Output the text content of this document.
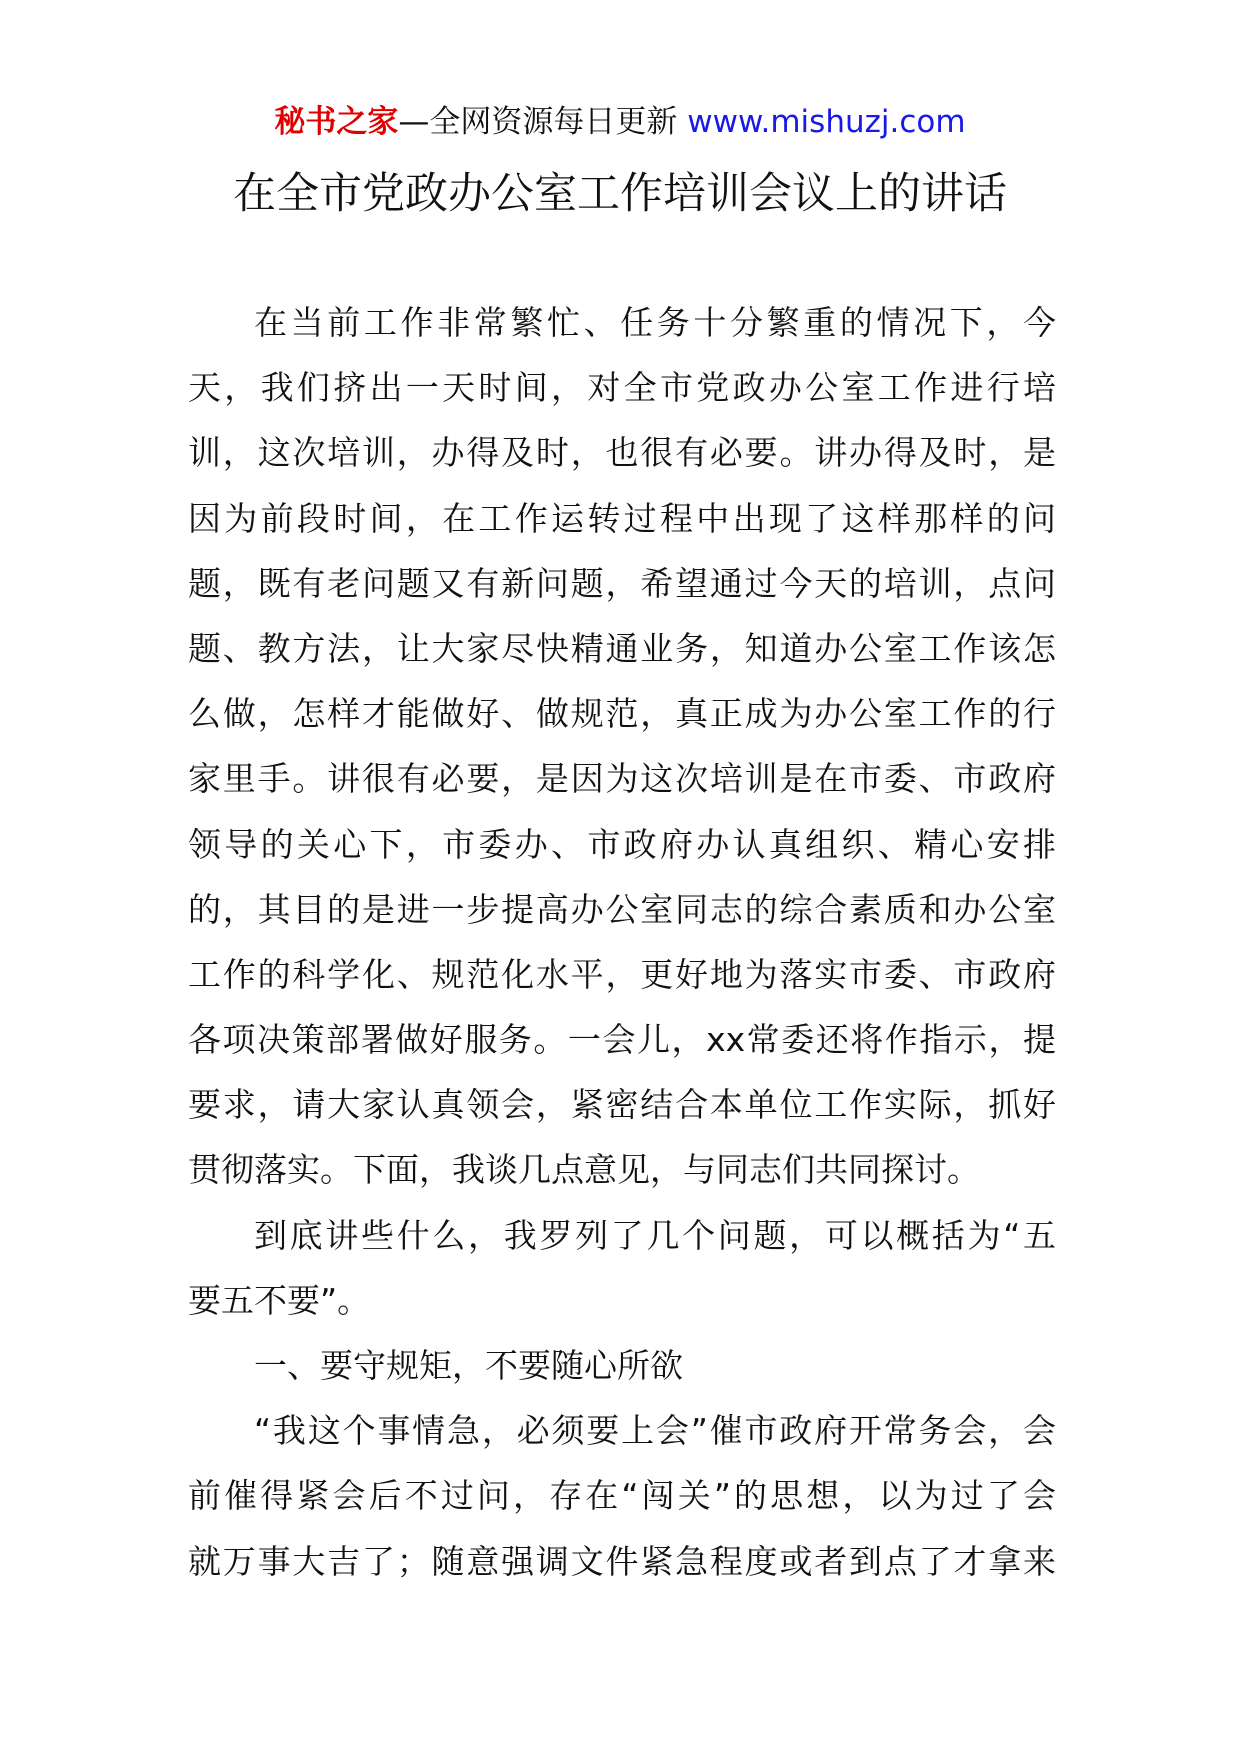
秘书之家—全网资源每日更新 www.mishuzj.com
在全市党政办公室工作培训会议上的讲话
在当前工作非常繁忙、任务十分繁重的情况下，今
天，我们挤出一天时间，对全市党政办公室工作进行培
训，这次培训，办得及时，也很有必要。讲办得及时，是
因为前段时间，在工作运转过程中出现了这样那样的问
题，既有老问题又有新问题，希望通过今天的培训，点问
题、教方法，让大家尽快精通业务，知道办公室工作该怎
么做，怎样才能做好、做规范，真正成为办公室工作的行
家里手。讲很有必要，是因为这次培训是在市委、市政府
领导的关心下，市委办、市政府办认真组织、精心安排
的，其目的是进一步提高办公室同志的综合素质和办公室
工作的科学化、规范化水平，更好地为落实市委、市政府
各项决策部署做好服务。一会儿，xx常委还将作指示，提
要求，请大家认真领会，紧密结合本单位工作实际，抓好
贯彻落实。下面，我谈几点意见，与同志们共同探讨。
到底讲些什么，我罗列了几个问题，可以概括为“五
要五不要”。
一、要守规矩，不要随心所欲
“我这个事情急，必须要上会”催市政府开常务会，会
前催得紧会后不过问，存在“闯关”的思想，以为过了会
就万事大吉了；随意强调文件紧急程度或者到点了才拿来
